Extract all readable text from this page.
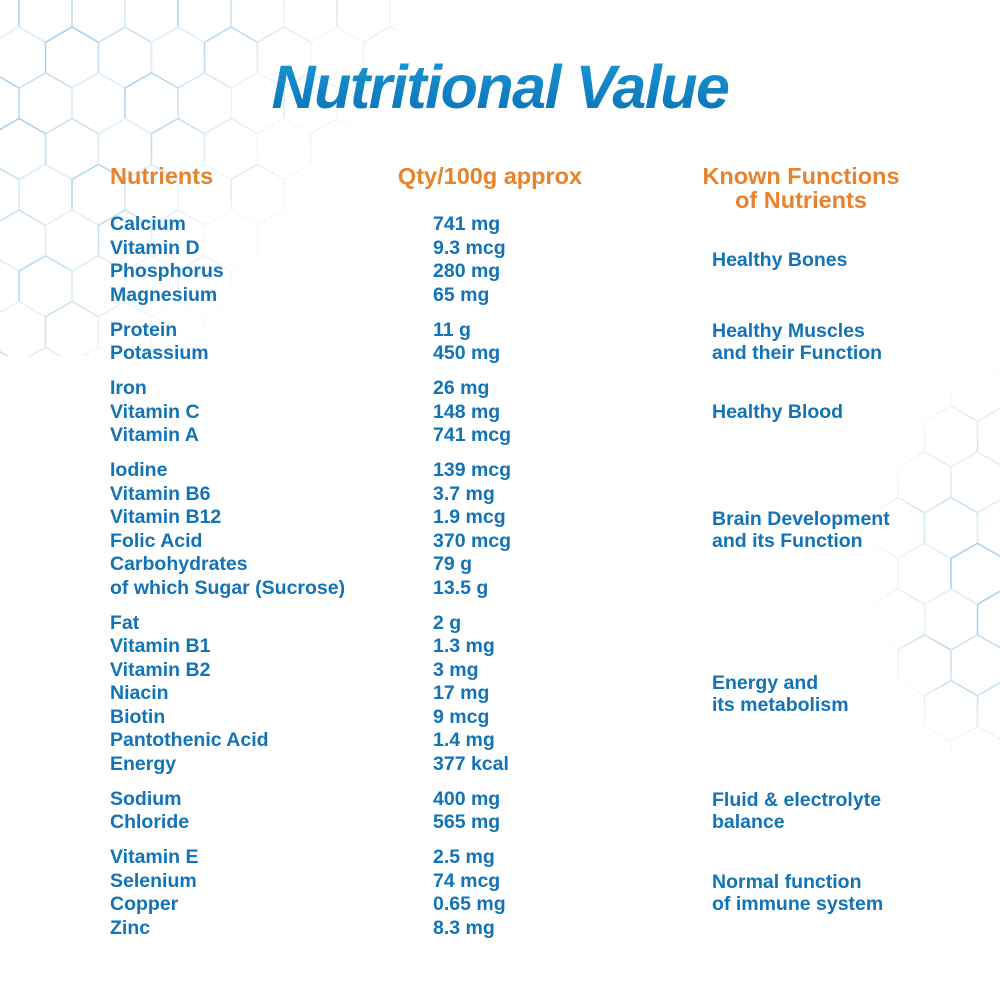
Nutritional Value
Nutrients	Qty/100g approx	Known Functions
of Nutrients
Calcium
Vitamin D
Phosphorus
Magnesium
741 mg
9.3 mcg
280 mg
65 mg
Healthy Bones
Protein
Potassium
11 g
450 mg
Healthy Muscles
and their Function
Iron
Vitamin C
Vitamin A
26 mg
148 mg
741 mcg
Healthy Blood
Iodine
Vitamin B6
Vitamin B12
Folic Acid
Carbohydrates
of which Sugar (Sucrose)
139 mcg
3.7 mg
1.9 mcg
370 mcg
79 g
13.5 g
Brain Development
and its Function
Fat
Vitamin B1
Vitamin B2
Niacin
Biotin
Pantothenic Acid
Energy
2 g
1.3 mg
3 mg
17 mg
9 mcg
1.4 mg
377 kcal
Energy and
its metabolism
Sodium
Chloride
400 mg
565 mg
Fluid & electrolyte
balance
Vitamin E
Selenium
Copper
Zinc
2.5 mg
74 mcg
0.65 mg
8.3 mg
Normal function
of immune system
